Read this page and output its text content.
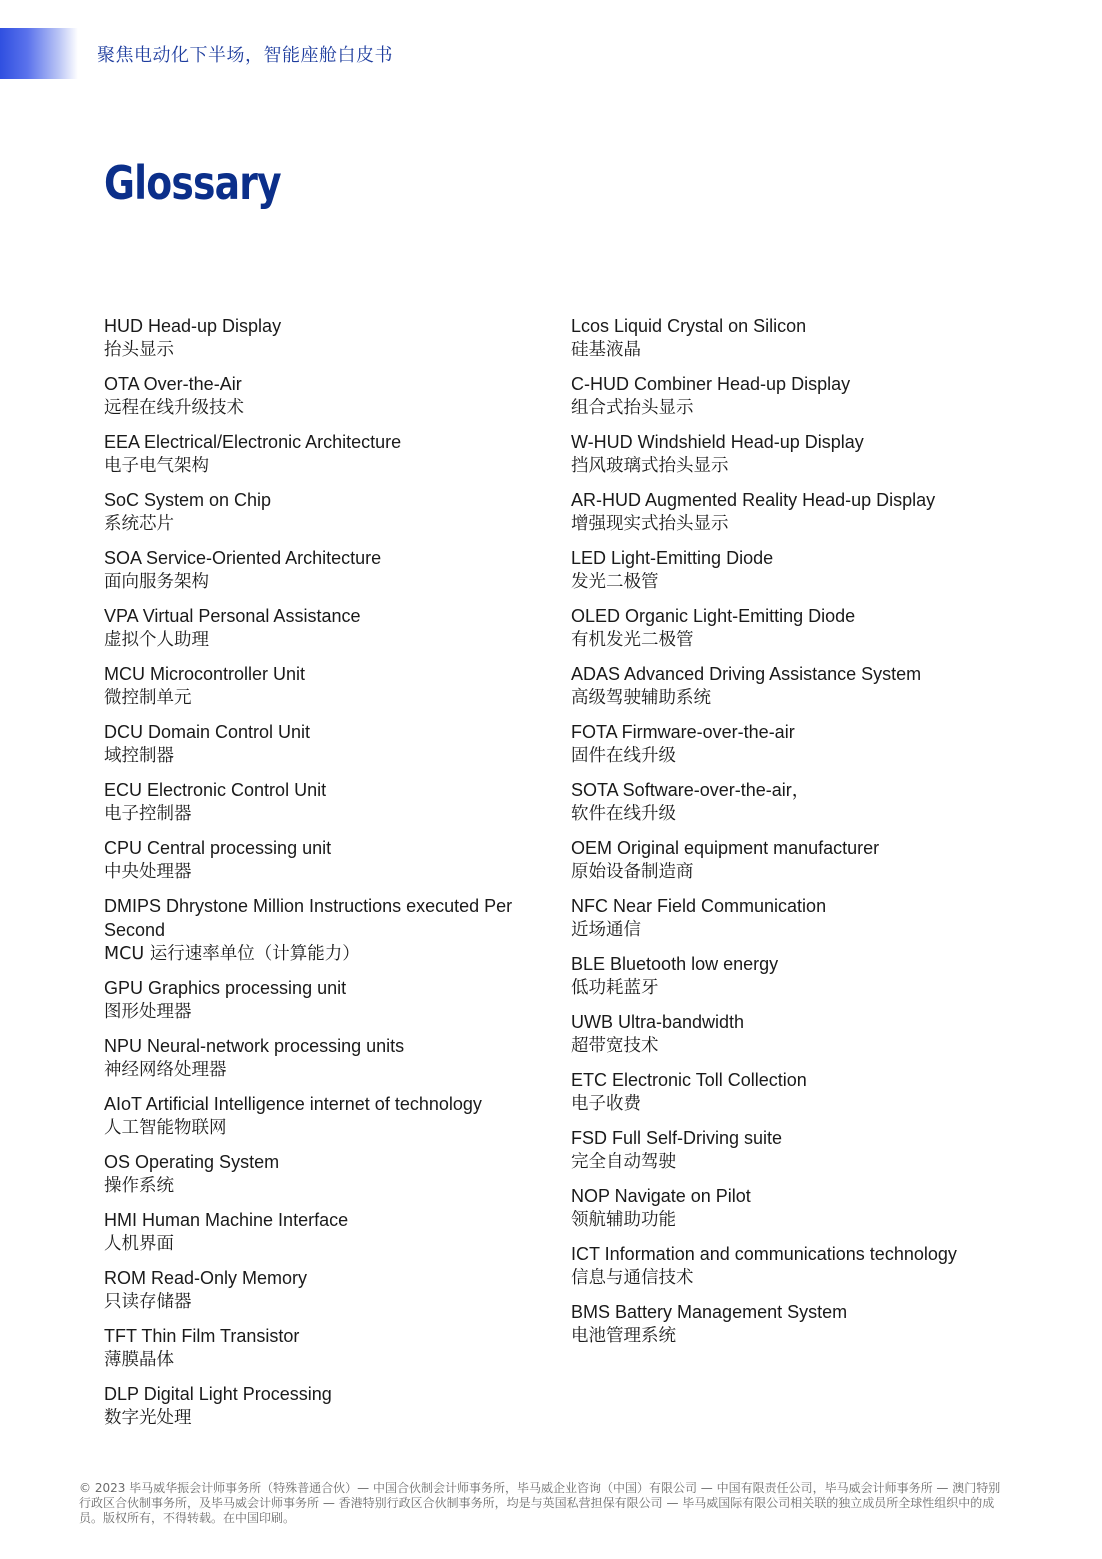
聚焦电动化下半场，智能座舱白皮书
Glossary
HUD Head-up Display
抬头显示
OTA Over-the-Air
远程在线升级技术
EEA Electrical/Electronic Architecture
电子电气架构
SoC System on Chip
系统芯片
SOA Service-Oriented Architecture
面向服务架构
VPA Virtual Personal Assistance
虚拟个人助理
MCU Microcontroller Unit
微控制单元
DCU Domain Control Unit
域控制器
ECU Electronic Control Unit
电子控制器
CPU Central processing unit
中央处理器
DMIPS Dhrystone Million Instructions executed Per Second
MCU 运行速率单位（计算能力）
GPU Graphics processing unit
图形处理器
NPU Neural-network processing units
神经网络处理器
AIoT Artificial Intelligence internet of technology
人工智能物联网
OS Operating System
操作系统
HMI Human Machine Interface
人机界面
ROM Read-Only Memory
只读存储器
TFT Thin Film Transistor
薄膜晶体
DLP Digital Light Processing
数字光处理
Lcos Liquid Crystal on Silicon
硅基液晶
C-HUD Combiner Head-up Display
组合式抬头显示
W-HUD Windshield Head-up Display
挡风玻璃式抬头显示
AR-HUD Augmented Reality Head-up Display
增强现实式抬头显示
LED Light-Emitting Diode
发光二极管
OLED Organic Light-Emitting Diode
有机发光二极管
ADAS Advanced Driving Assistance System
高级驾驶辅助系统
FOTA Firmware-over-the-air
固件在线升级
SOTA Software-over-the-air，
软件在线升级
OEM Original equipment manufacturer
原始设备制造商
NFC Near Field Communication
近场通信
BLE Bluetooth low energy
低功耗蓝牙
UWB Ultra-bandwidth
超带宽技术
ETC Electronic Toll Collection
电子收费
FSD Full Self-Driving suite
完全自动驾驶
NOP Navigate on Pilot
领航辅助功能
ICT Information and communications technology
信息与通信技术
BMS Battery Management System
电池管理系统
© 2023 毕马威华振会计师事务所（特殊普通合伙）— 中国合伙制会计师事务所，毕马威企业咨询（中国）有限公司 — 中国有限责任公司，毕马威会计师事务所 — 澳门特别行政区合伙制事务所，及毕马威会计师事务所 — 香港特别行政区合伙制事务所，均是与英国私营担保有限公司 — 毕马威国际有限公司相关联的独立成员所全球性组织中的成员。版权所有，不得转载。在中国印刷。
